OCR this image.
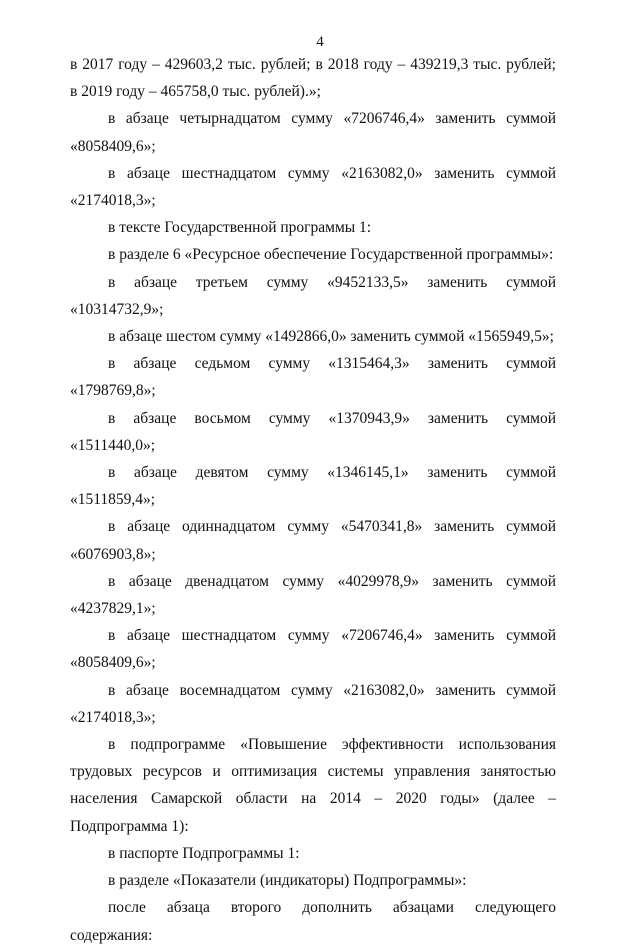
4

в 2017 году – 429603,2 тыс. рублей; в 2018 году – 439219,3 тыс. рублей;
в 2019 году – 465758,0 тыс. рублей).»;

в абзаце четырнадцатом сумму «7206746,4» заменить суммой
«8058409,6»;

в абзаце шестнадцатом сумму «2163082,0» заменить суммой
«2174018,3»;

в тексте Государственной программы 1:

в разделе 6 «Ресурсное обеспечение Государственной программы»:

в абзаце третьем сумму «9452133,5» заменить суммой «10314732,9»;

в абзаце шестом сумму «1492866,0» заменить суммой «1565949,5»;

в абзаце седьмом сумму «1315464,3» заменить суммой «1798769,8»;

в абзаце восьмом сумму «1370943,9» заменить суммой «1511440,0»;

в абзаце девятом сумму «1346145,1» заменить суммой «1511859,4»;

в абзаце одиннадцатом сумму «5470341,8» заменить суммой
«6076903,8»;

в абзаце двенадцатом сумму «4029978,9» заменить суммой
«4237829,1»;

в абзаце шестнадцатом сумму «7206746,4» заменить суммой
«8058409,6»;

в абзаце восемнадцатом сумму «2163082,0» заменить суммой
«2174018,3»;

в подпрограмме «Повышение эффективности использования
трудовых ресурсов и оптимизация системы управления занятостью
населения Самарской области на 2014 – 2020 годы» (далее –
Подпрограмма 1):

в паспорте Подпрограммы 1:

в разделе «Показатели (индикаторы) Подпрограммы»:

после абзаца второго дополнить абзацами следующего содержания:
